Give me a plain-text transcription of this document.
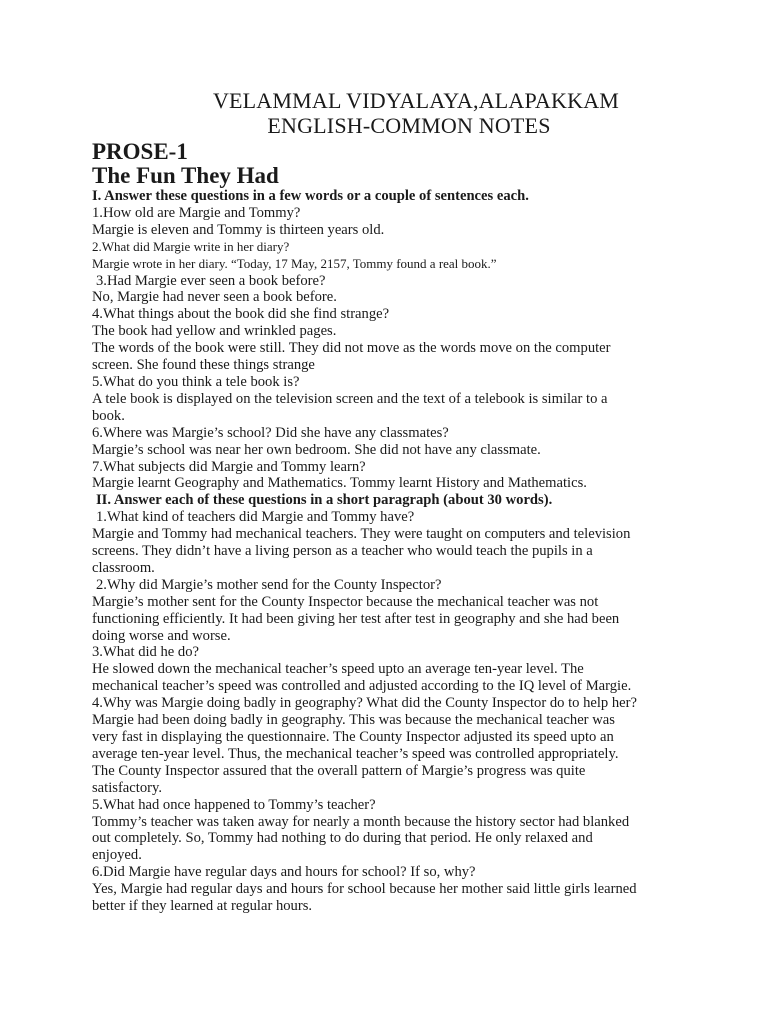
VELAMMAL VIDYALAYA,ALAPAKKAM
ENGLISH-COMMON NOTES
PROSE-1
The Fun They Had
I. Answer these questions in a few words or a couple of sentences each.
1.How old are Margie and Tommy?
Margie is eleven and Tommy is thirteen years old.
2.What did Margie write in her diary?
Margie wrote in her diary. “Today, 17 May, 2157, Tommy found a real book.”
3.Had Margie ever seen a book before?
No, Margie had never seen a book before.
4.What things about the book did she find strange?
The book had yellow and wrinkled pages.
The words of the book were still. They did not move as the words move on the computer
screen. She found these things strange
5.What do you think a tele book is?
A tele book is displayed on the television screen and the text of a telebook is similar to a
book.
6.Where was Margie’s school? Did she have any classmates?
Margie’s school was near her own bedroom. She did not have any classmate.
7.What subjects did Margie and Tommy learn?
Margie learnt Geography and Mathematics. Tommy learnt History and Mathematics.
II. Answer each of these questions in a short paragraph (about 30 words).
1.What kind of teachers did Margie and Tommy have?
Margie and Tommy had mechanical teachers. They were taught on computers and television
screens. They didn’t have a living person as a teacher who would teach the pupils in a
classroom.
2.Why did Margie’s mother send for the County Inspector?
Margie’s mother sent for the County Inspector because the mechanical teacher was not
functioning efficiently. It had been giving her test after test in geography and she had been
doing worse and worse.
3.What did he do?
He slowed down the mechanical teacher’s speed upto an average ten-year level. The
mechanical teacher’s speed was controlled and adjusted according to the IQ level of Margie.
4.Why was Margie doing badly in geography? What did the County Inspector do to help her?
Margie had been doing badly in geography. This was because the mechanical teacher was
very fast in displaying the questionnaire. The County Inspector adjusted its speed upto an
average ten-year level. Thus, the mechanical teacher’s speed was controlled appropriately.
The County Inspector assured that the overall pattern of Margie’s progress was quite
satisfactory.
5.What had once happened to Tommy’s teacher?
Tommy’s teacher was taken away for nearly a month because the history sector had blanked
out completely. So, Tommy had nothing to do during that period. He only relaxed and
enjoyed.
6.Did Margie have regular days and hours for school? If so, why?
Yes, Margie had regular days and hours for school because her mother said little girls learned
better if they learned at regular hours.
